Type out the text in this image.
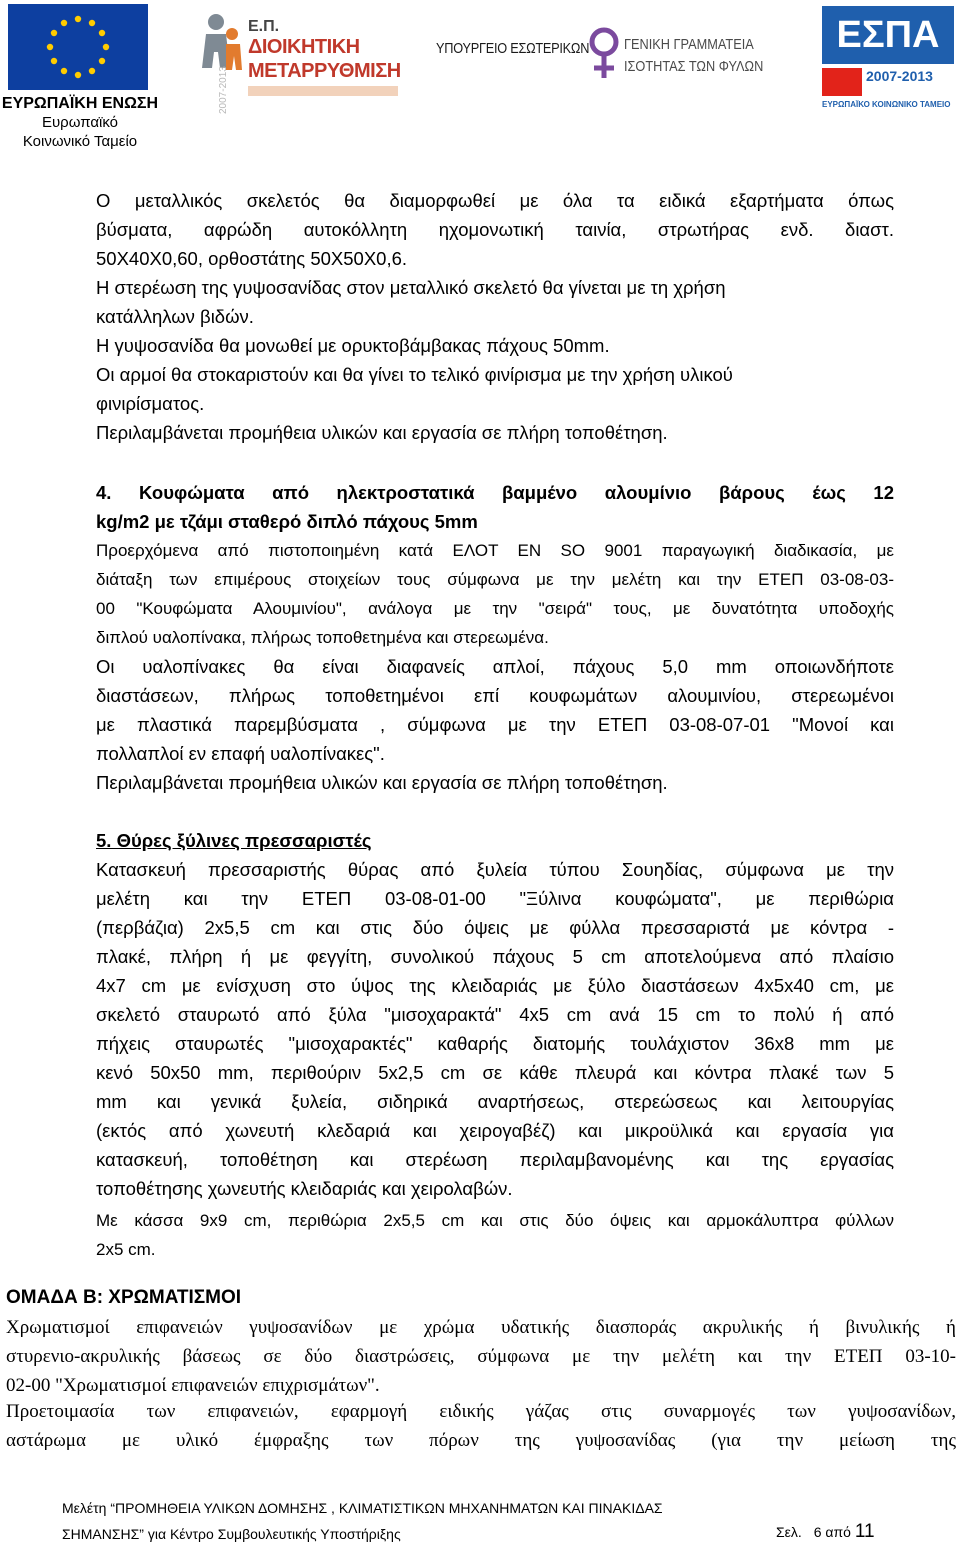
ΕΥΡΩΠΑΪΚΗ ΕΝΩΣΗ
Ευρωπαϊκό
Κοινωνικό Ταμείο
2007-2013
Ε.Π.
ΔΙΟΙΚΗΤΙΚΗ
ΜΕΤΑΡΡΥΘΜΙΣΗ
ΥΠΟΥΡΓΕΙΟ ΕΣΩΤΕΡΙΚΩΝ ΓΕΝΙΚΗ ΓΡΑΜΜΑΤΕΙΑ
ΙΣΟΤΗΤΑΣ ΤΩΝ ΦΥΛΩΝ
ΕΣΠΑ
2007-2013
ΕΥΡΩΠΑΪΚΟ ΚΟΙΝΩΝΙΚΟ ΤΑΜΕΙΟ
Ο μεταλλικός σκελετός θα διαμορφωθεί με όλα τα ειδικά εξαρτήματα όπως
βύσματα, αφρώδη αυτοκόλλητη ηχομονωτική ταινία, στρωτήρας ενδ. διαστ.
50Χ40Χ0,60, ορθοστάτης 50Χ50Χ0,6.
Η στερέωση της γυψοσανίδας στον μεταλλικό σκελετό θα γίνεται με τη χρήση
κατάλληλων βιδών.
Η γυψοσανίδα θα μονωθεί με ορυκτοβάμβακας πάχους 50mm.
Οι αρμοί θα στοκαριστούν και θα γίνει το τελικό φινίρισμα με την χρήση υλικού
φινιρίσματος.
Περιλαμβάνεται προμήθεια υλικών και εργασία σε πλήρη τοποθέτηση.
4. Κουφώματα από ηλεκτροστατικά βαμμένο αλουμίνιο βάρους έως 12
kg/m2 με τζάμι σταθερό διπλό πάχους 5mm
Προερχόμενα από πιστοποιημένη κατά ΕΛΟΤ ΕΝ SO 9001 παραγωγική διαδικασία, με
διάταξη των επιμέρους στοιχείων τους σύμφωνα με την μελέτη και την ΕΤΕΠ 03-08-03-
00 "Κουφώματα Αλουμινίου", ανάλογα με την "σειρά" τους, με δυνατότητα υποδοχής
διπλού υαλοπίνακα, πλήρως τοποθετημένα και στερεωμένα.
Οι υαλοπίνακες θα είναι διαφανείς απλοί, πάχους 5,0 mm οποιωνδήποτε
διαστάσεων, πλήρως τοποθετημένοι επί κουφωμάτων αλουμινίου, στερεωμένοι
με πλαστικά παρεμβύσματα , σύμφωνα με την ΕΤΕΠ 03-08-07-01 "Μονοί και
πολλαπλοί εν επαφή υαλοπίνακες".
Περιλαμβάνεται προμήθεια υλικών και εργασία σε πλήρη τοποθέτηση.
5. Θύρες ξύλινες πρεσσαριστές
Κατασκευή πρεσσαριστής θύρας από ξυλεία τύπου Σουηδίας, σύμφωνα με την
μελέτη και την ΕΤΕΠ 03-08-01-00 "Ξύλινα κουφώματα", με περιθώρια
(περβάζια) 2x5,5 cm και στις δύο όψεις με φύλλα πρεσσαριστά με κόντρα -
πλακέ, πλήρη ή με φεγγίτη, συνολικού πάχους 5 cm αποτελούμενα από πλαίσιο
4x7 cm με ενίσχυση στο ύψος της κλειδαριάς με ξύλο διαστάσεων 4x5x40 cm, με
σκελετό σταυρωτό από ξύλα "μισοχαρακτά" 4x5 cm ανά 15 cm το πολύ ή από
πήχεις σταυρωτές "μισοχαρακτές" καθαρής διατομής τουλάχιστον 36x8 mm με
κενό 50x50 mm, περιθούριν 5x2,5 cm σε κάθε πλευρά και κόντρα πλακέ των 5
mm και γενικά ξυλεία, σιδηρικά αναρτήσεως, στερεώσεως και λειτουργίας
(εκτός από χωνευτή κλεδαριά και χειρογαβέζ) και μικροϋλικά και εργασία για
κατασκευή, τοποθέτηση και στερέωση περιλαμβανομένης και της εργασίας
τοποθέτησης χωνευτής κλειδαριάς και χειρολαβών.
Με κάσσα 9x9 cm, περιθώρια 2x5,5 cm και στις δύο όψεις και αρμοκάλυπτρα φύλλων
2x5 cm.
ΟΜΑΔΑ Β: ΧΡΩΜΑΤΙΣΜΟΙ
Χρωματισμοί επιφανειών γυψοσανίδων με χρώμα υδατικής διασποράς ακρυλικής ή βινυλικής ή
στυρενιο-ακρυλικής βάσεως σε δύο διαστρώσεις, σύμφωνα με την μελέτη και την ΕΤΕΠ 03-10-
02-00 "Χρωματισμοί επιφανειών επιχρισμάτων".
Προετοιμασία των επιφανειών, εφαρμογή ειδικής γάζας στις συναρμογές των γυψοσανίδων,
αστάρωμα με υλικό έμφραξης των πόρων της γυψοσανίδας (για την μείωση της
Μελέτη “ΠΡΟΜΗΘΕΙΑ ΥΛΙΚΩΝ ΔΟΜΗΣΗΣ , ΚΛΙΜΑΤΙΣΤΙΚΩΝ ΜΗΧΑΝΗΜΑΤΩΝ ΚΑΙ ΠΙΝΑΚΙΔΑΣ
ΣΗΜΑΝΣΗΣ” για Κέντρο Συμβουλευτικής Υποστήριξης	Σελ. 6 από 11
